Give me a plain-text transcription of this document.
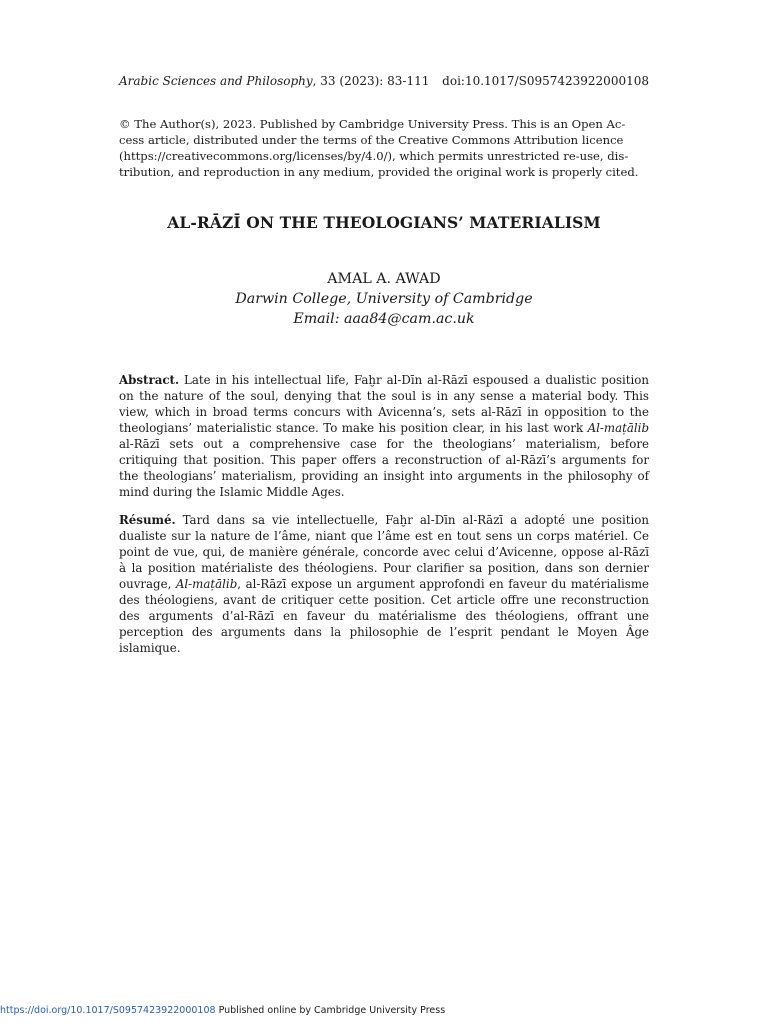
Arabic Sciences and Philosophy, 33 (2023): 83-111 doi:10.1017/S0957423922000108

© The Author(s), 2023. Published by Cambridge University Press. This is an Open Ac-

cess article, distributed under the terms of the Creative Commons Attribution licence

(https://creativecommons.org/licenses/by/4.0/), which permits unrestricted re-use, dis-

tribution, and reproduction in any medium, provided the original work is properly cited.

AL-RĀZĪ ON THE THEOLOGIANS’ MATERIALISM
AMAL A. AWAD
Darwin College, University of Cambridge
Email: aaa84@cam.ac.uk

Abstract. Late in his intellectual life, Faḫr al-Dīn al-Rāzī espoused a dualistic position on the nature of the soul, denying that the soul is in any sense a material body. This view, which in broad terms concurs with Avicenna’s, sets al-Rāzī in opposition to the theologians’ materialistic stance. To make his position clear, in his last work Al-maṭālib al-Rāzī sets out a comprehensive case for the theologians’ materialism, before critiquing that position. This paper offers a reconstruction of al-Rāzī’s arguments for the theologians’ materialism, providing an insight into arguments in the philosophy of mind during the Islamic Middle Ages.

Résumé. Tard dans sa vie intellectuelle, Faḫr al-Dīn al-Rāzī a adopté une position dualiste sur la nature de l’âme, niant que l’âme est en tout sens un corps matériel. Ce point de vue, qui, de manière générale, concorde avec celui d’Avicenne, oppose al-Rāzī à la position matérialiste des théologiens. Pour clarifier sa position, dans son dernier ouvrage, Al-maṭālib, al-Rāzī expose un argument approfondi en faveur du matérialisme des théologiens, avant de critiquer cette position. Cet article offre une reconstruction des arguments d’al-Rāzī en faveur du matérialisme des théologiens, offrant une perception des arguments dans la philosophie de l’esprit pendant le Moyen Âge islamique.

https://doi.org/10.1017/S0957423922000108 Published online by Cambridge University Press
